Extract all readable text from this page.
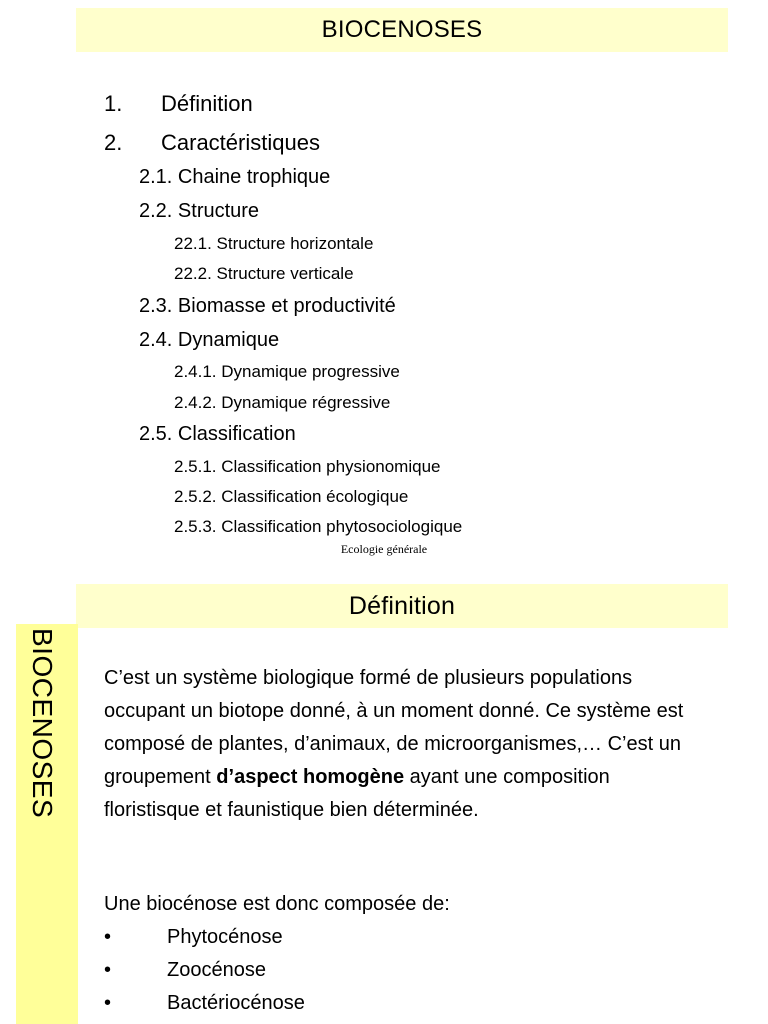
BIOCENOSES
1. Définition
2. Caractéristiques
2.1. Chaine trophique
2.2. Structure
22.1. Structure horizontale
22.2. Structure verticale
2.3. Biomasse et productivité
2.4. Dynamique
2.4.1. Dynamique progressive
2.4.2. Dynamique régressive
2.5. Classification
2.5.1. Classification physionomique
2.5.2. Classification écologique
2.5.3. Classification phytosociologique
Ecologie générale
Définition
BIOCENOSES C’est un système biologique formé de plusieurs populations occupant un biotope donné, à un moment donné. Ce système est composé de plantes, d’animaux, de microorganismes,… C’est un groupement d’aspect homogène ayant une composition floristisque et faunistique bien déterminée.

Une biocénose est donc composée de:
•	Phytocénose
•	Zoocénose
•	Bactériocénose
